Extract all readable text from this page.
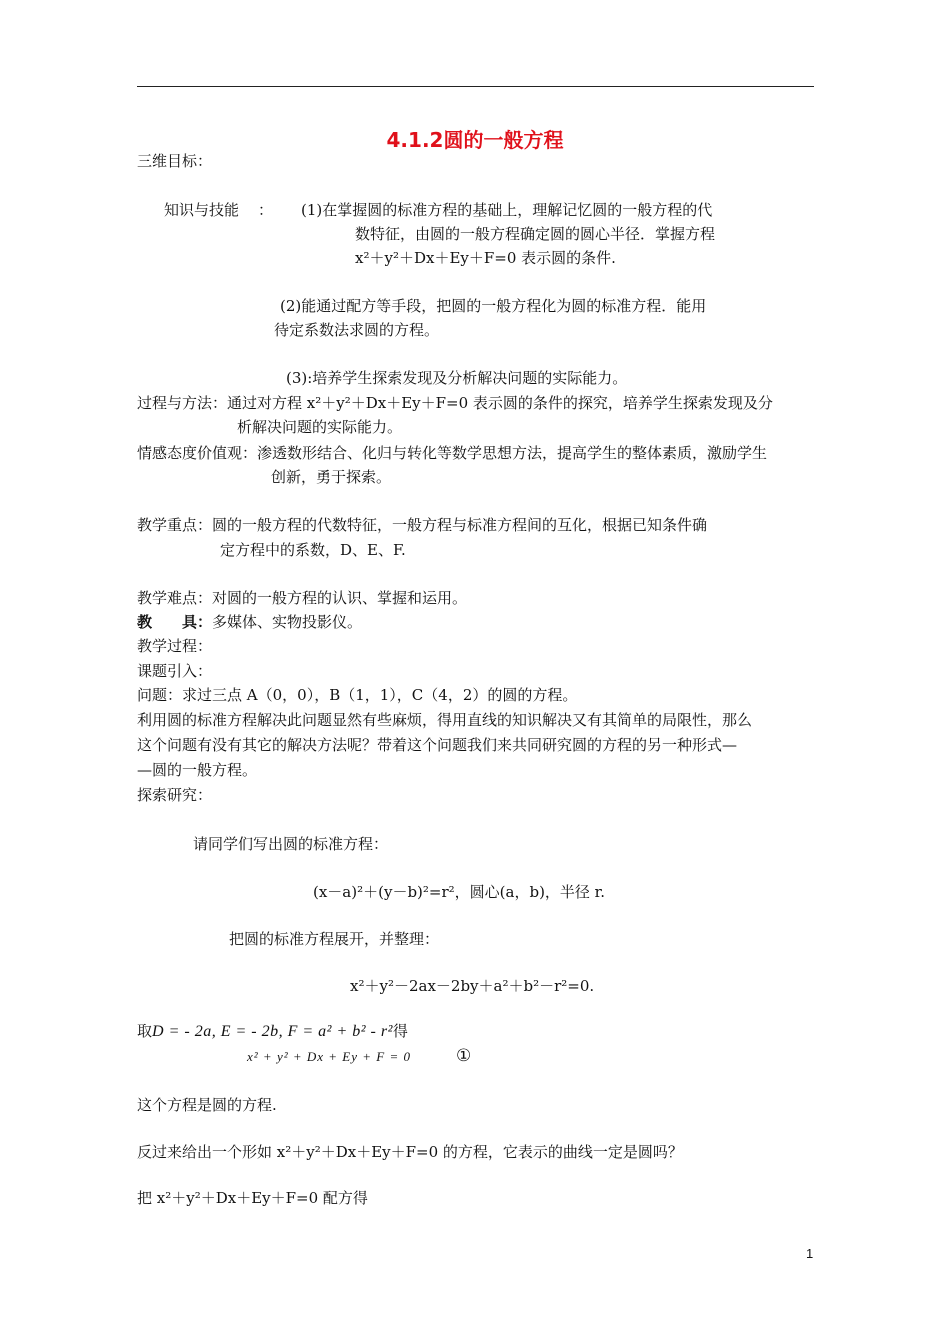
4.1.2圆的一般方程
三维目标：
知识与技能 ： (1)在掌握圆的标准方程的基础上，理解记忆圆的一般方程的代
数特征，由圆的一般方程确定圆的圆心半径．掌握方程
x²＋y²＋Dx＋Ey＋F=0 表示圆的条件.
(2)能通过配方等手段，把圆的一般方程化为圆的标准方程．能用
待定系数法求圆的方程。
(3):培养学生探索发现及分析解决问题的实际能力。
过程与方法：通过对方程 x²＋y²＋Dx＋Ey＋F=0 表示圆的条件的探究，培养学生探索发现及分
析解决问题的实际能力。
情感态度价值观：渗透数形结合、化归与转化等数学思想方法，提高学生的整体素质，激励学生
创新，勇于探索。
教学重点：圆的一般方程的代数特征，一般方程与标准方程间的互化，根据已知条件确
定方程中的系数，D、E、F.
教学难点：对圆的一般方程的认识、掌握和运用。
教　　具：多媒体、实物投影仪。
教学过程：
课题引入：
问题：求过三点 A（0，0），B（1，1），C（4，2）的圆的方程。
利用圆的标准方程解决此问题显然有些麻烦，得用直线的知识解决又有其简单的局限性，那么
这个问题有没有其它的解决方法呢？带着这个问题我们来共同研究圆的方程的另一种形式—
—圆的一般方程。
探索研究：
请同学们写出圆的标准方程：
(x－a)²＋(y－b)²=r²，圆心(a，b)，半径 r.
把圆的标准方程展开，并整理：
x²＋y²－2ax－2by＋a²＋b²－r²=0.
取D = - 2a, E = - 2b, F = a² + b² - r²得
x² + y² + Dx + Ey + F = 0	①
这个方程是圆的方程.
反过来给出一个形如 x²＋y²＋Dx＋Ey＋F=0 的方程，它表示的曲线一定是圆吗？
把 x²＋y²＋Dx＋Ey＋F=0 配方得
1
